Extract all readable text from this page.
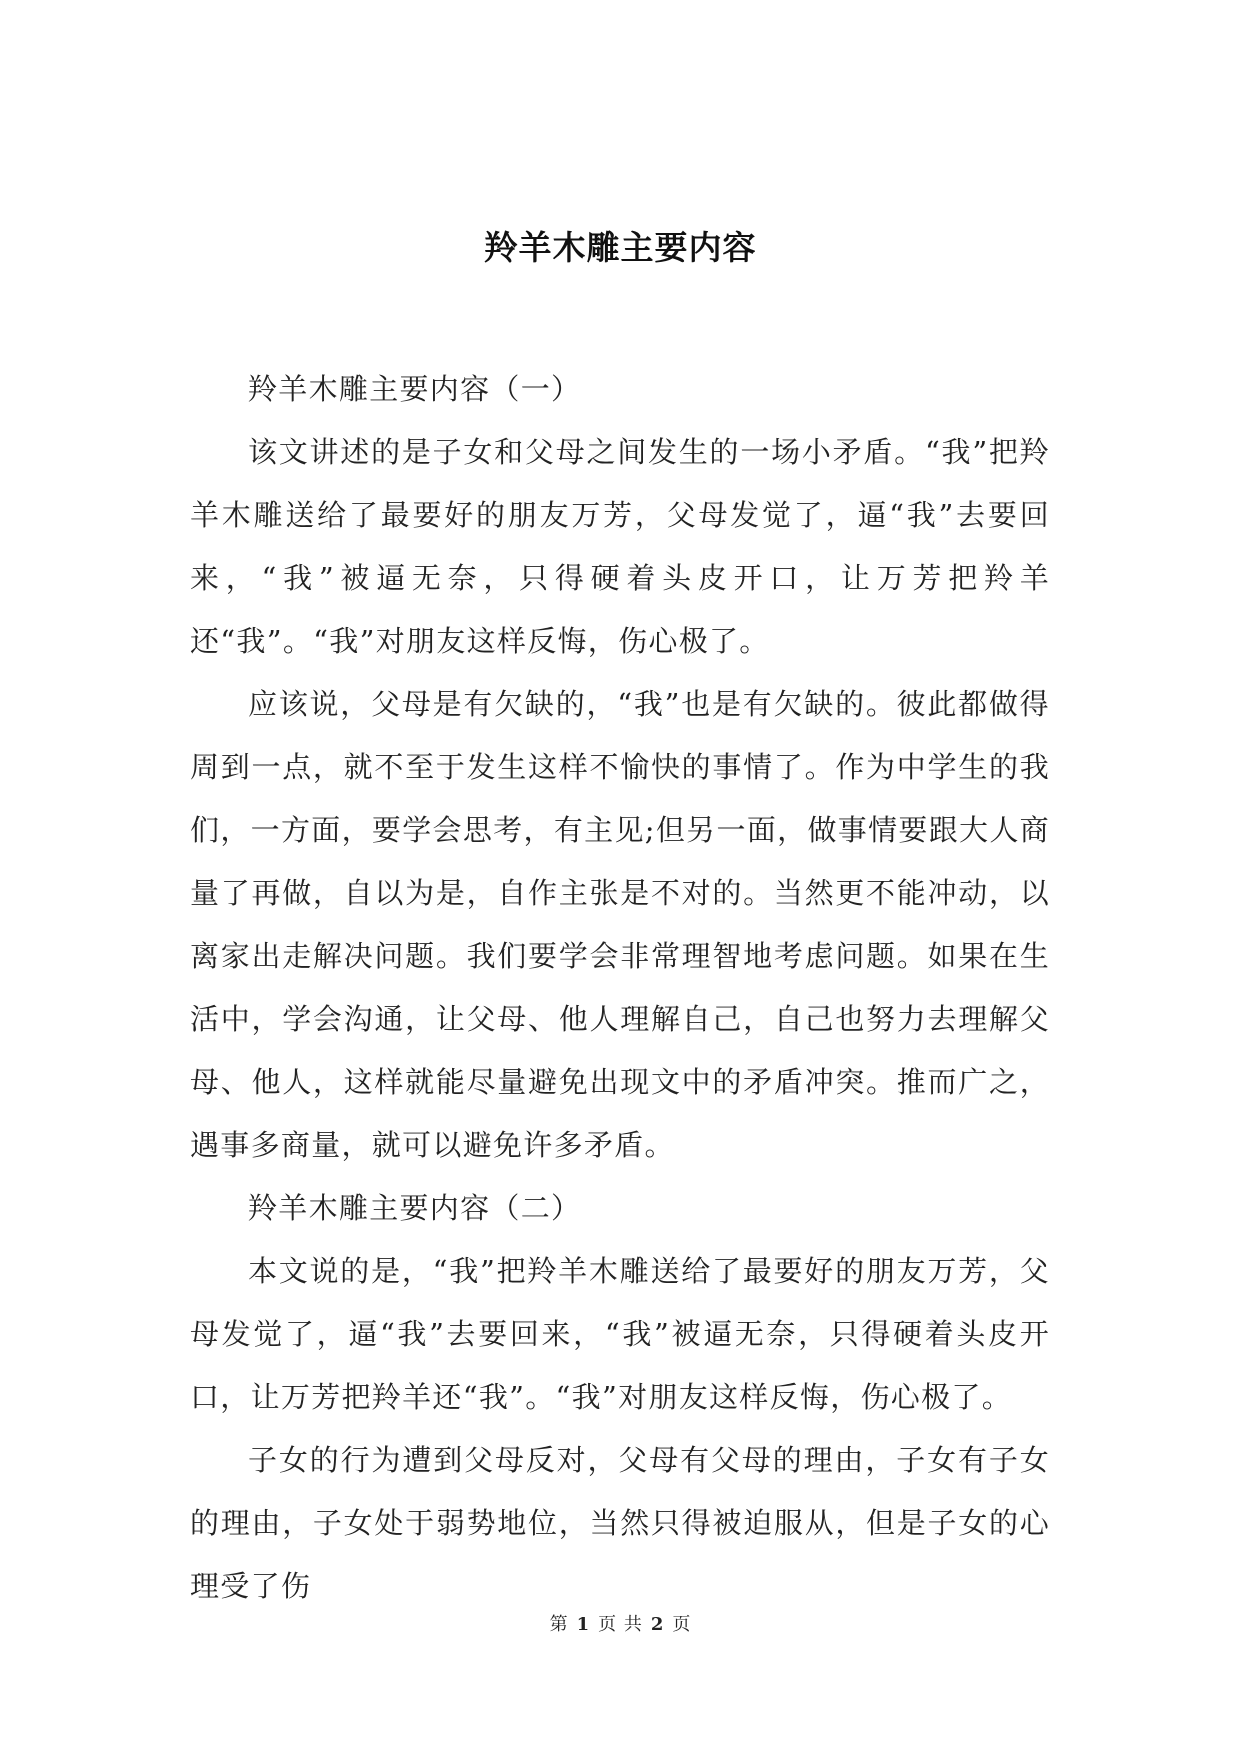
羚羊木雕主要内容

羚羊木雕主要内容（一）

该文讲述的是子女和父母之间发生的一场小矛盾。“我”把羚羊木雕送给了最要好的朋友万芳，父母发觉了，逼“我”去要回来，“我”被逼无奈，只得硬着头皮开口，让万芳把羚羊还“我”。“我”对朋友这样反悔，伤心极了。

应该说，父母是有欠缺的，“我”也是有欠缺的。彼此都做得周到一点，就不至于发生这样不愉快的事情了。作为中学生的我们，一方面，要学会思考，有主见;但另一面，做事情要跟大人商量了再做，自以为是，自作主张是不对的。当然更不能冲动，以离家出走解决问题。我们要学会非常理智地考虑问题。如果在生活中，学会沟通，让父母、他人理解自己，自己也努力去理解父母、他人，这样就能尽量避免出现文中的矛盾冲突。推而广之，遇事多商量，就可以避免许多矛盾。

羚羊木雕主要内容（二）

本文说的是，“我”把羚羊木雕送给了最要好的朋友万芳，父母发觉了，逼“我”去要回来，“我”被逼无奈，只得硬着头皮开口，让万芳把羚羊还“我”。“我”对朋友这样反悔，伤心极了。

子女的行为遭到父母反对，父母有父母的理由，子女有子女的理由，子女处于弱势地位，当然只得被迫服从，但是子女的心理受了伤

第 1 页 共 2 页
